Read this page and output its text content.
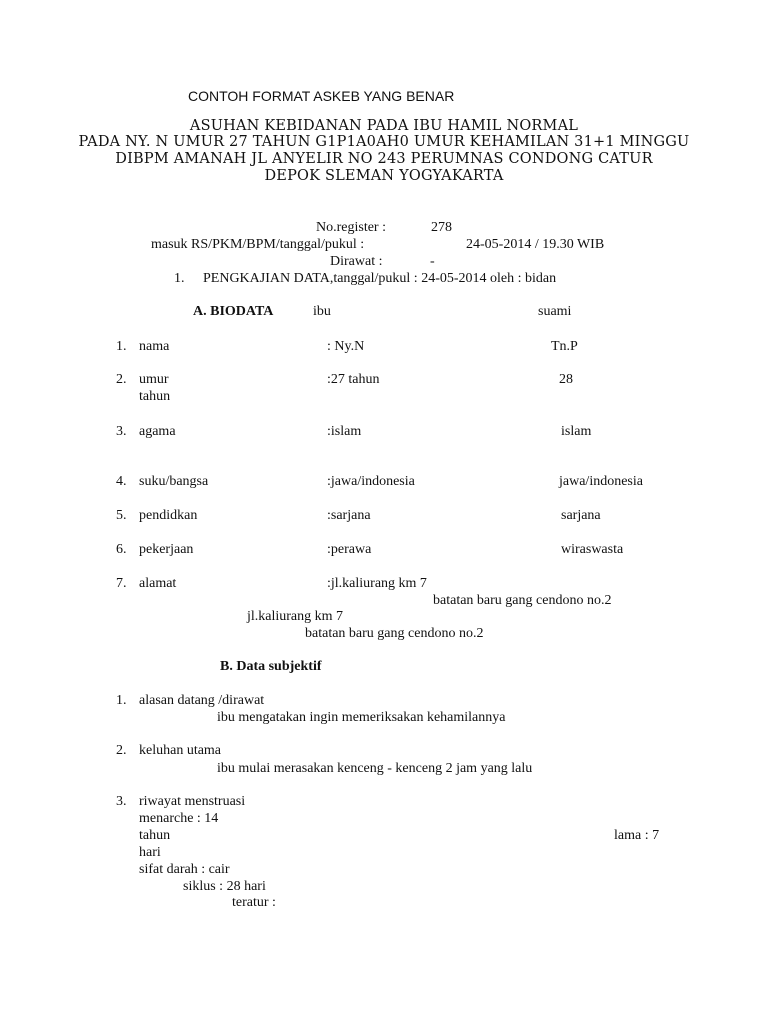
CONTOH FORMAT ASKEB YANG BENAR
ASUHAN KEBIDANAN PADA IBU HAMIL NORMAL
PADA NY. N UMUR 27 TAHUN G1P1A0AH0 UMUR KEHAMILAN 31+1 MINGGU
DIBPM AMANAH JL ANYELIR NO 243 PERUMNAS CONDONG CATUR
DEPOK SLEMAN YOGYAKARTA
No.register :	278
masuk RS/PKM/BPM/tanggal/pukul :	24-05-2014 / 19.30 WIB
Dirawat :	-
1. PENGKAJIAN DATA,tanggal/pukul : 24-05-2014 oleh : bidan
A. BIODATA	ibu	suami
1. nama	: Ny.N	Tn.P
2. umur	:27 tahun	28
tahun
3. agama	:islam	islam
4. suku/bangsa	:jawa/indonesia	jawa/indonesia
5. pendidkan	:sarjana	sarjana
6. pekerjaan	:perawa	wiraswasta
7. alamat	:jl.kaliurang km 7
batatan baru gang cendono no.2
jl.kaliurang km 7
batatan baru gang cendono no.2
B. Data subjektif
1. alasan datang /dirawat
ibu mengatakan ingin memeriksakan kehamilannya
2. keluhan utama
ibu mulai merasakan kenceng - kenceng 2 jam yang lalu
3. riwayat menstruasi
menarche : 14
tahun	lama : 7
hari
sifat darah : cair
siklus : 28 hari
teratur :
